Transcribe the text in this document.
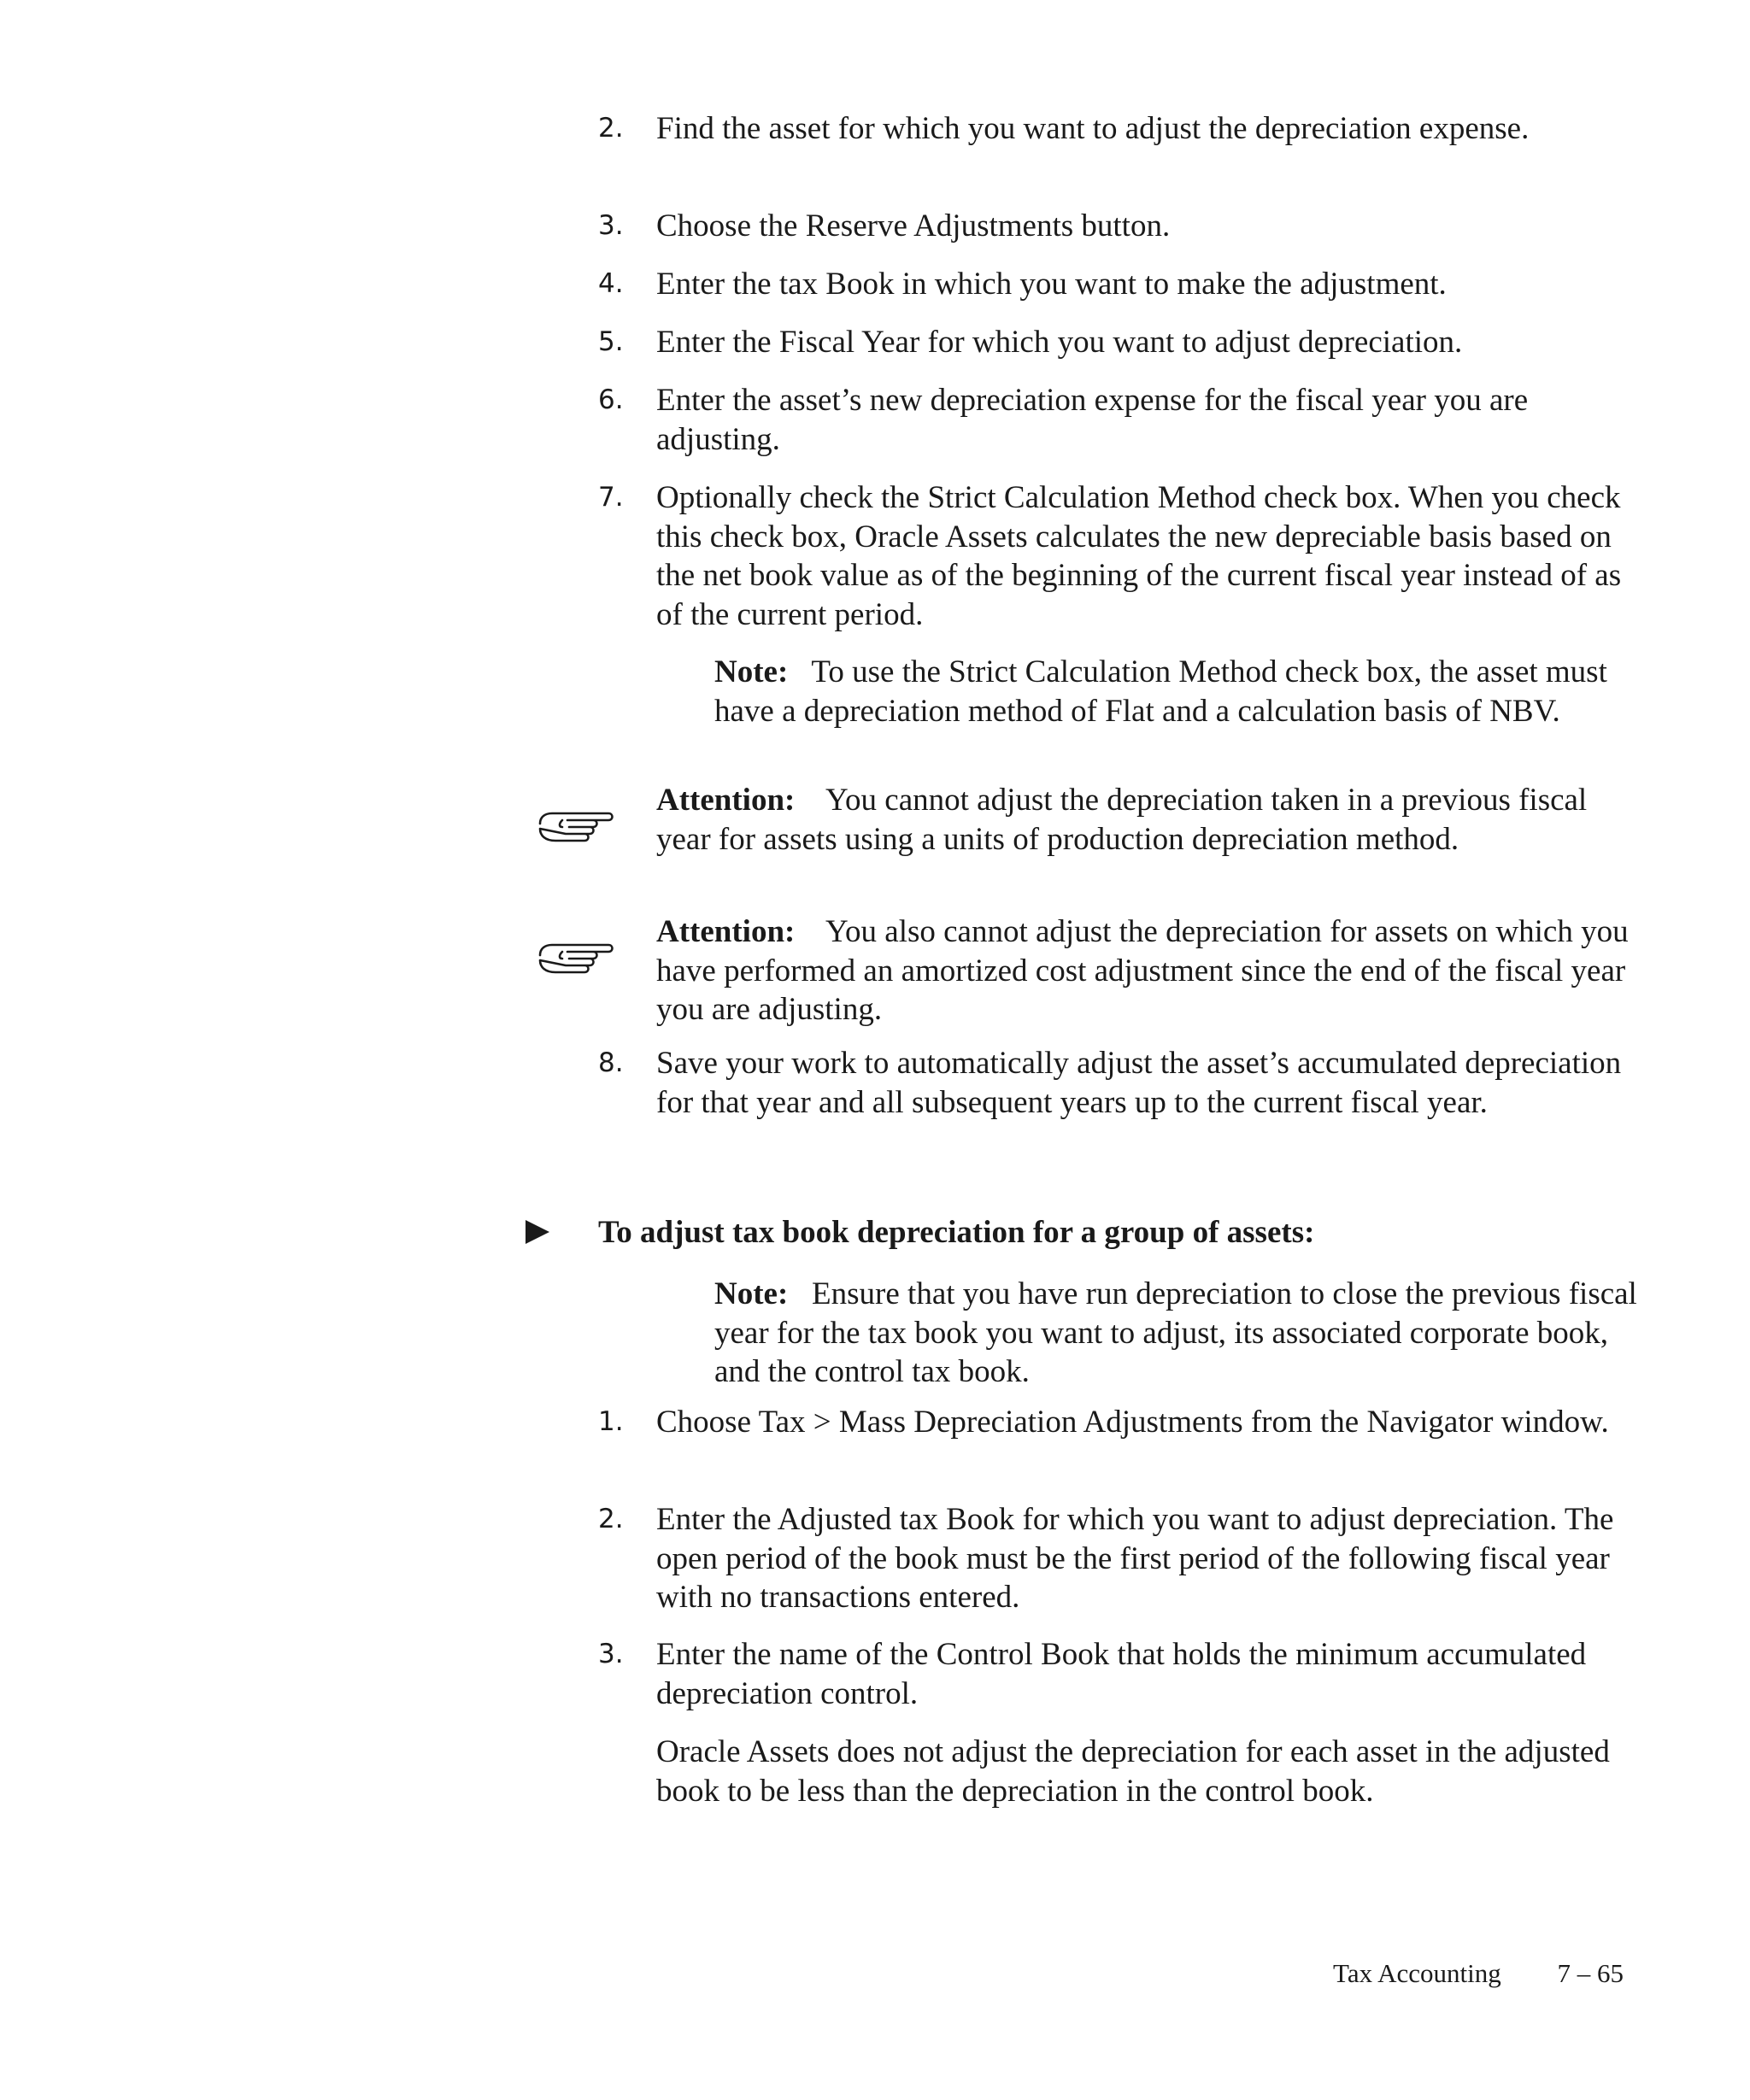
2.	Find the asset for which you want to adjust the depreciation expense.
3.	Choose the Reserve Adjustments button.
4.	Enter the tax Book in which you want to make the adjustment.
5.	Enter the Fiscal Year for which you want to adjust depreciation.
6.	Enter the asset’s new depreciation expense for the fiscal year you are adjusting.
7.	Optionally check the Strict Calculation Method check box. When you check this check box, Oracle Assets calculates the new depreciable basis based on the net book value as of the beginning of the current fiscal year instead of as of the current period.
Note: To use the Strict Calculation Method check box, the asset must have a depreciation method of Flat and a calculation basis of NBV.
Attention: You cannot adjust the depreciation taken in a previous fiscal year for assets using a units of production depreciation method.
Attention: You also cannot adjust the depreciation for assets on which you have performed an amortized cost adjustment since the end of the fiscal year you are adjusting.
8.	Save your work to automatically adjust the asset’s accumulated depreciation for that year and all subsequent years up to the current fiscal year.
To adjust tax book depreciation for a group of assets:
Note: Ensure that you have run depreciation to close the previous fiscal year for the tax book you want to adjust, its associated corporate book, and the control tax book.
1.	Choose Tax > Mass Depreciation Adjustments from the Navigator window.
2.	Enter the Adjusted tax Book for which you want to adjust depreciation. The open period of the book must be the first period of the following fiscal year with no transactions entered.
3.	Enter the name of the Control Book that holds the minimum accumulated depreciation control.
Oracle Assets does not adjust the depreciation for each asset in the adjusted book to be less than the depreciation in the control book.
Tax Accounting 7 – 65
